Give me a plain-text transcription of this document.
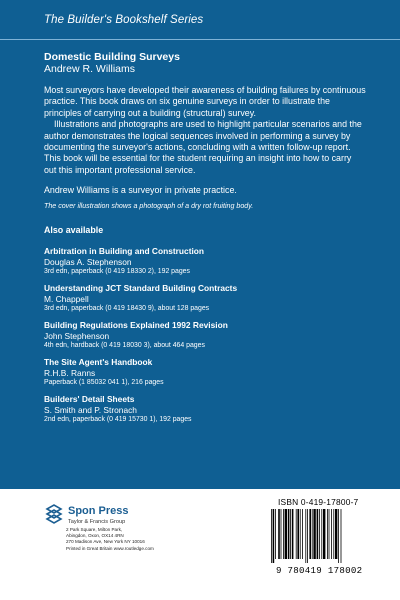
The Builder's Bookshelf Series
Domestic Building Surveys
Andrew R. Williams

Most surveyors have developed their awareness of building failures by continuous practice. This book draws on six genuine surveys in order to illustrate the principles of carrying out a building (structural) survey.

Illustrations and photographs are used to highlight particular scenarios and the author demonstrates the logical sequences involved in performing a survey by documenting the surveyor's actions, concluding with a written follow-up report. This book will be essential for the student requiring an insight into how to carry out this important professional service.

Andrew Williams is a surveyor in private practice.
The cover illustration shows a photograph of a dry rot fruiting body.
Also available
Arbitration in Building and Construction
Douglas A. Stephenson
3rd edn, paperback (0 419 18330 2), 192 pages
Understanding JCT Standard Building Contracts
M. Chappell
3rd edn, paperback (0 419 18430 9), about 128 pages
Building Regulations Explained 1992 Revision
John Stephenson
4th edn, hardback (0 419 18030 3), about 464 pages
The Site Agent's Handbook
R.H.B. Ranns
Paperback (1 85032 041 1), 216 pages
Builders' Detail Sheets
S. Smith and P. Stronach
2nd edn, paperback (0 419 15730 1), 192 pages
Spon Press
Taylor & Francis Group
2 Park Square, Milton Park,
Abingdon, Oxon, OX14 4RN
270 Madison Ave, New York NY 10016
Printed in Great Britain www.routledge.com
ISBN 0-419-17800-7
9 780419 178002
